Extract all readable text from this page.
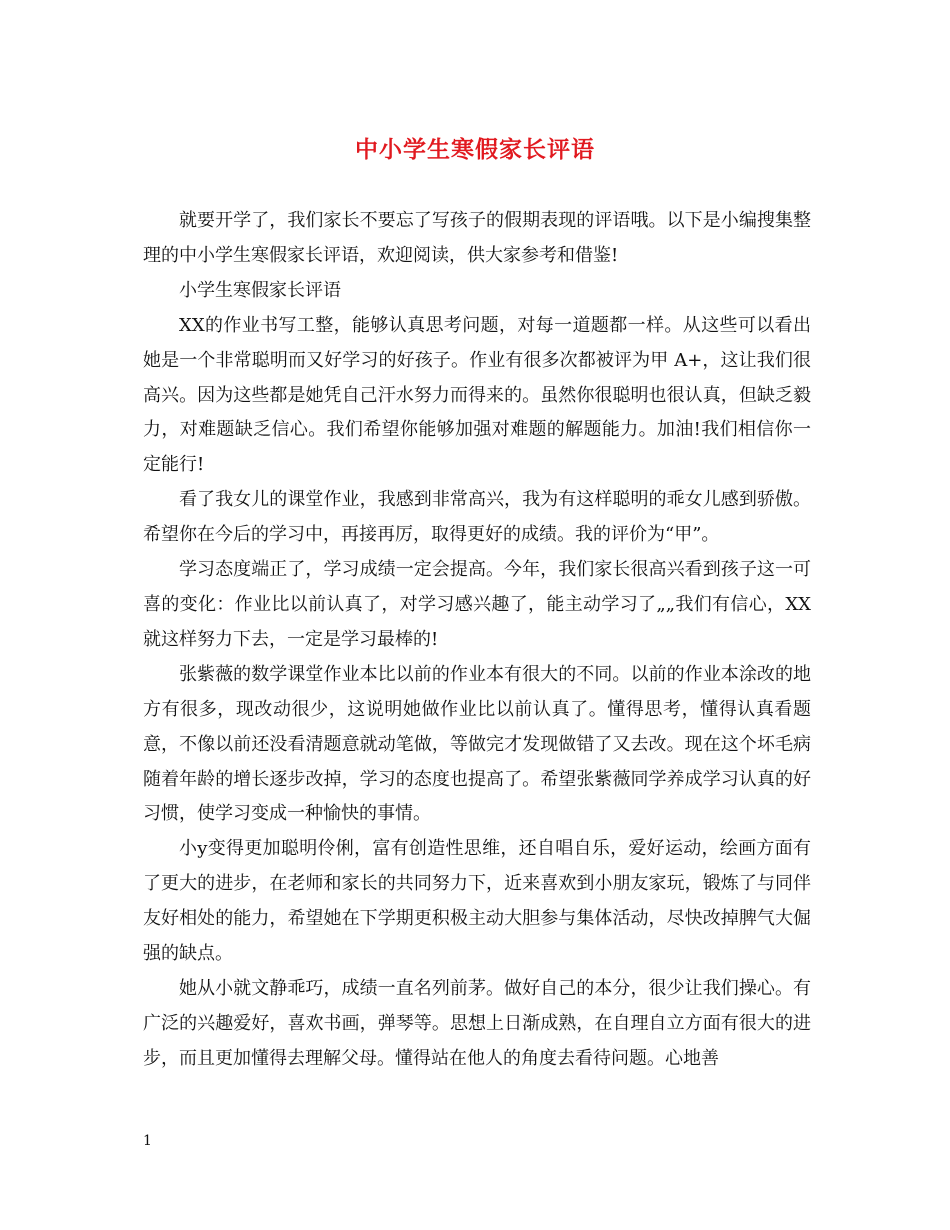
中小学生寒假家长评语

就要开学了，我们家长不要忘了写孩子的假期表现的评语哦。以下是小编搜集整理的中小学生寒假家长评语，欢迎阅读，供大家参考和借鉴!

小学生寒假家长评语

XX的作业书写工整，能够认真思考问题，对每一道题都一样。从这些可以看出她是一个非常聪明而又好学习的好孩子。作业有很多次都被评为甲 A+，这让我们很高兴。因为这些都是她凭自己汗水努力而得来的。虽然你很聪明也很认真，但缺乏毅力，对难题缺乏信心。我们希望你能够加强对难题的解题能力。加油!我们相信你一定能行!

看了我女儿的课堂作业，我感到非常高兴，我为有这样聪明的乖女儿感到骄傲。希望你在今后的学习中，再接再厉，取得更好的成绩。我的评价为“甲”。

学习态度端正了，学习成绩一定会提高。今年，我们家长很高兴看到孩子这一可喜的变化：作业比以前认真了，对学习感兴趣了，能主动学习了„„我们有信心，XX就这样努力下去，一定是学习最棒的!

张紫薇的数学课堂作业本比以前的作业本有很大的不同。以前的作业本涂改的地方有很多，现改动很少，这说明她做作业比以前认真了。懂得思考，懂得认真看题意，不像以前还没看清题意就动笔做，等做完才发现做错了又去改。现在这个坏毛病随着年龄的增长逐步改掉，学习的态度也提高了。希望张紫薇同学养成学习认真的好习惯，使学习变成一种愉快的事情。

小y变得更加聪明伶俐，富有创造性思维，还自唱自乐，爱好运动，绘画方面有了更大的进步，在老师和家长的共同努力下，近来喜欢到小朋友家玩，锻炼了与同伴友好相处的能力，希望她在下学期更积极主动大胆参与集体活动，尽快改掉脾气大倔强的缺点。

她从小就文静乖巧，成绩一直名列前茅。做好自己的本分，很少让我们操心。有广泛的兴趣爱好，喜欢书画，弹琴等。思想上日渐成熟，在自理自立方面有很大的进步，而且更加懂得去理解父母。懂得站在他人的角度去看待问题。心地善

1
